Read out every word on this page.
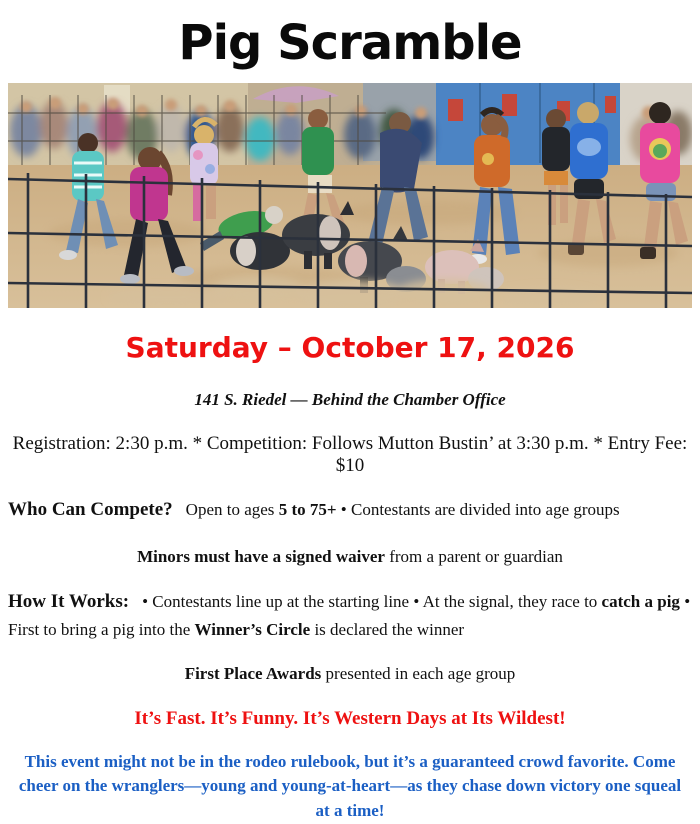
Pig Scramble
Saturday – October 17, 2026
141 S. Riedel — Behind the Chamber Office

Registration: 2:30 p.m. * Competition: Follows Mutton Bustin’ at 3:30 p.m. * Entry Fee: $10

Who Can Compete? Open to ages 5 to 75+ • Contestants are divided into age groups

Minors must have a signed waiver from a parent or guardian

How It Works: • Contestants line up at the starting line • At the signal, they race to catch a pig • First to bring a pig into the Winner’s Circle is declared the winner

First Place Awards presented in each age group

It’s Fast. It’s Funny. It’s Western Days at Its Wildest!

This event might not be in the rodeo rulebook, but it’s a guaranteed crowd favorite. Come cheer on the wranglers—young and young-at-heart—as they chase down victory one squeal at a time!
